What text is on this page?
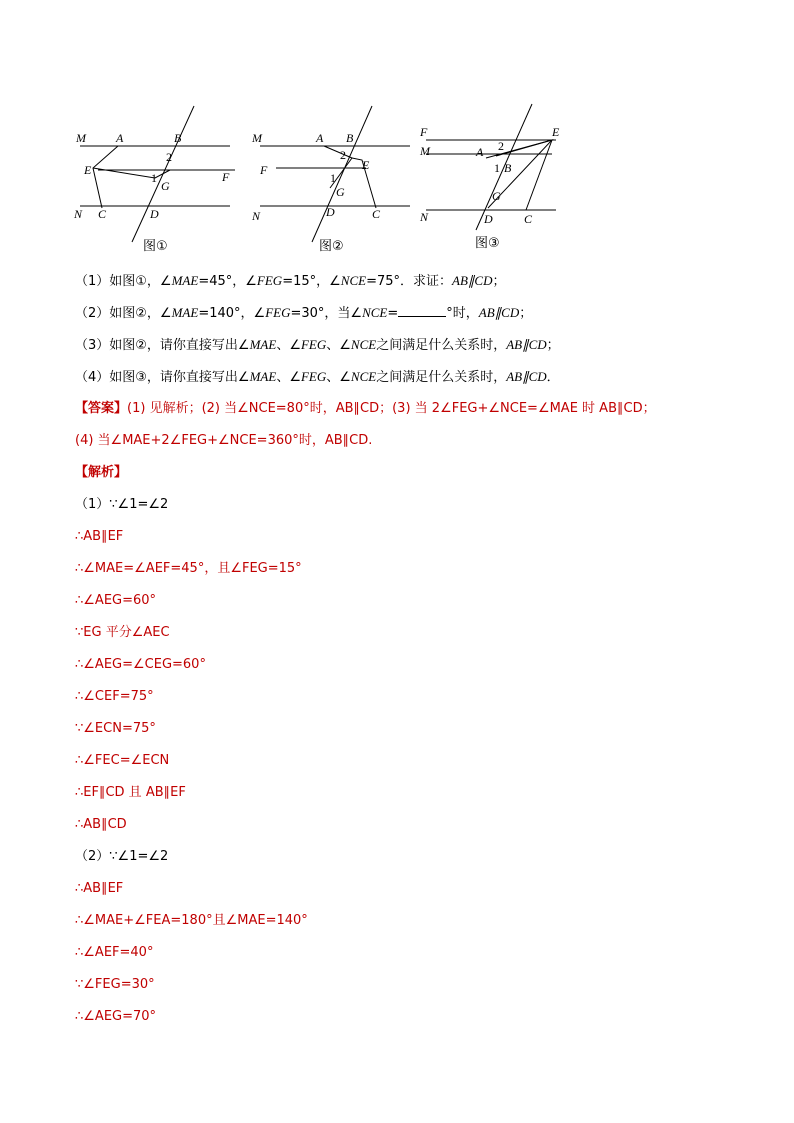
M	A	B
2
E
1
G
F
N C	D
图①
M	A B
2
E
F
1
G
N	D	C
图②
F	E
M	A 2
1 B
G
N	D	C
图③
（1）如图①，∠MAE=45°，∠FEG=15°，∠NCE=75°．求证：AB∥CD；
（2）如图②，∠MAE=140°，∠FEG=30°，当∠NCE=	°时，AB∥CD；
（3）如图②，请你直接写出∠MAE、∠FEG、∠NCE之间满足什么关系时，AB∥CD；
（4）如图③，请你直接写出∠MAE、∠FEG、∠NCE之间满足什么关系时，AB∥CD．
【答案】(1) 见解析；(2) 当∠NCE=80°时，AB∥CD；(3) 当 2∠FEG+∠NCE=∠MAE 时 AB∥CD；
(4) 当∠MAE+2∠FEG+∠NCE=360°时，AB∥CD.
【解析】
（1）∵∠1=∠2
∴AB∥EF
∴∠MAE=∠AEF=45°，且∠FEG=15°
∴∠AEG=60°
∵EG 平分∠AEC
∴∠AEG=∠CEG=60°
∴∠CEF=75°
∵∠ECN=75°
∴∠FEC=∠ECN
∴EF∥CD 且 AB∥EF
∴AB∥CD
（2）∵∠1=∠2
∴AB∥EF
∴∠MAE+∠FEA=180°且∠MAE=140°
∴∠AEF=40°
∵∠FEG=30°
∴∠AEG=70°
